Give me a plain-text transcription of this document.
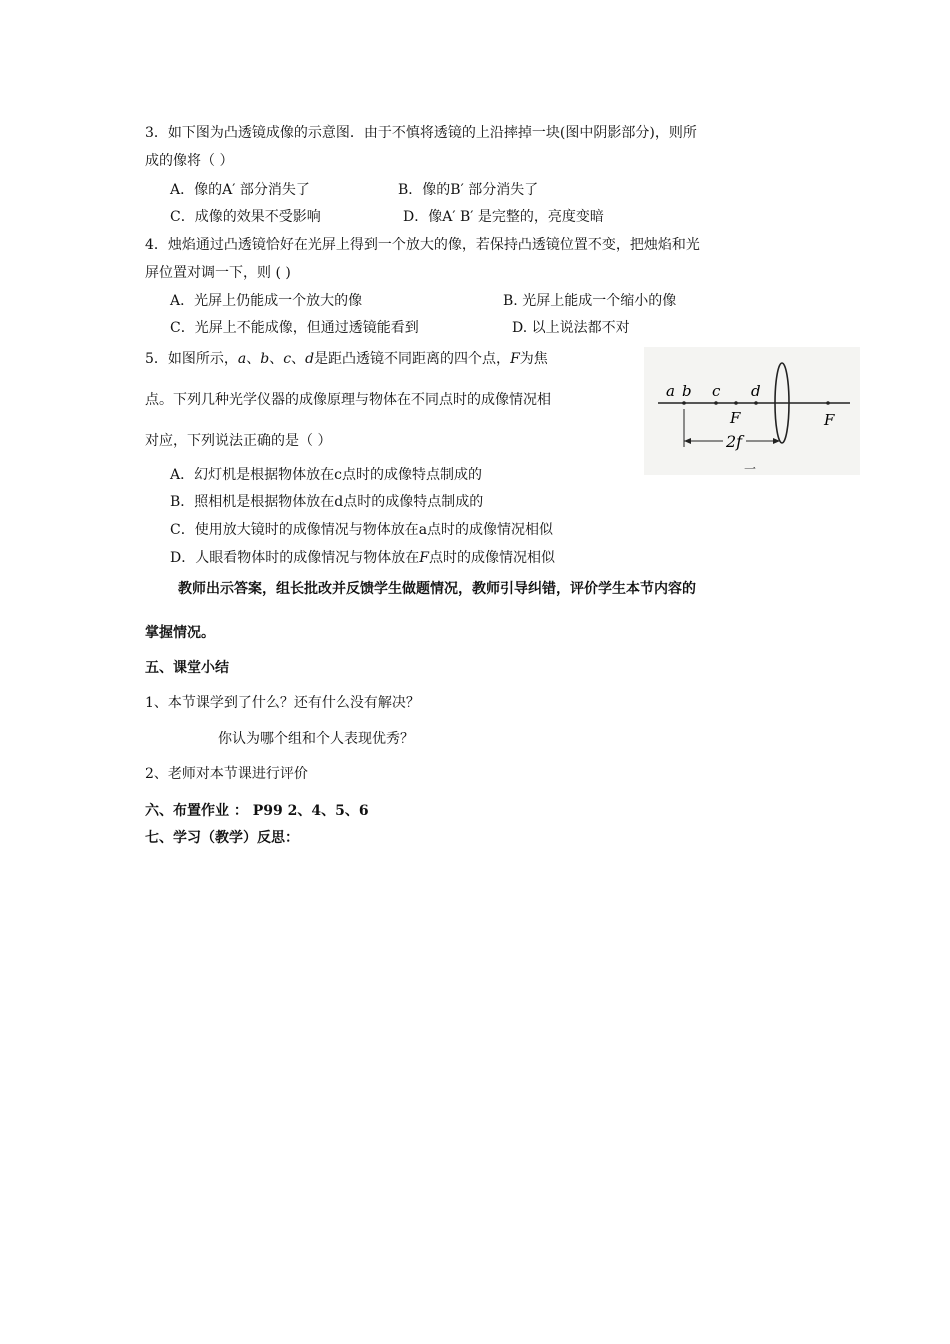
3．如下图为凸透镜成像的示意图．由于不慎将透镜的上沿摔掉一块(图中阴影部分)，则所
成的像将（ ）
A．像的A′ 部分消失了	B．像的B′ 部分消失了
C．成像的效果不受影响	D．像A′ B′ 是完整的，亮度变暗
4．烛焰通过凸透镜恰好在光屏上得到一个放大的像，若保持凸透镜位置不变，把烛焰和光
屏位置对调一下，则 ( )
A．光屏上仍能成一个放大的像	B. 光屏上能成一个缩小的像
C．光屏上不能成像，但通过透镜能看到	D. 以上说法都不对
5．如图所示，a、b、c、d是距凸透镜不同距离的四个点，F为焦
点。下列几种光学仪器的成像原理与物体在不同点时的成像情况相
对应，下列说法正确的是（ ）
A．幻灯机是根据物体放在c点时的成像特点制成的
B．照相机是根据物体放在d点时的成像特点制成的
C．使用放大镜时的成像情况与物体放在a点时的成像情况相似
D．人眼看物体时的成像情况与物体放在F点时的成像情况相似
a b c d
F	F
2f
一
教师出示答案，组长批改并反馈学生做题情况，教师引导纠错，评价学生本节内容的
掌握情况。
五、课堂小结
1、本节课学到了什么？还有什么没有解决？
你认为哪个组和个人表现优秀？
2、老师对本节课进行评价
六、布置作业 ： P99 2、4、5、6
七、学习（教学）反思：
